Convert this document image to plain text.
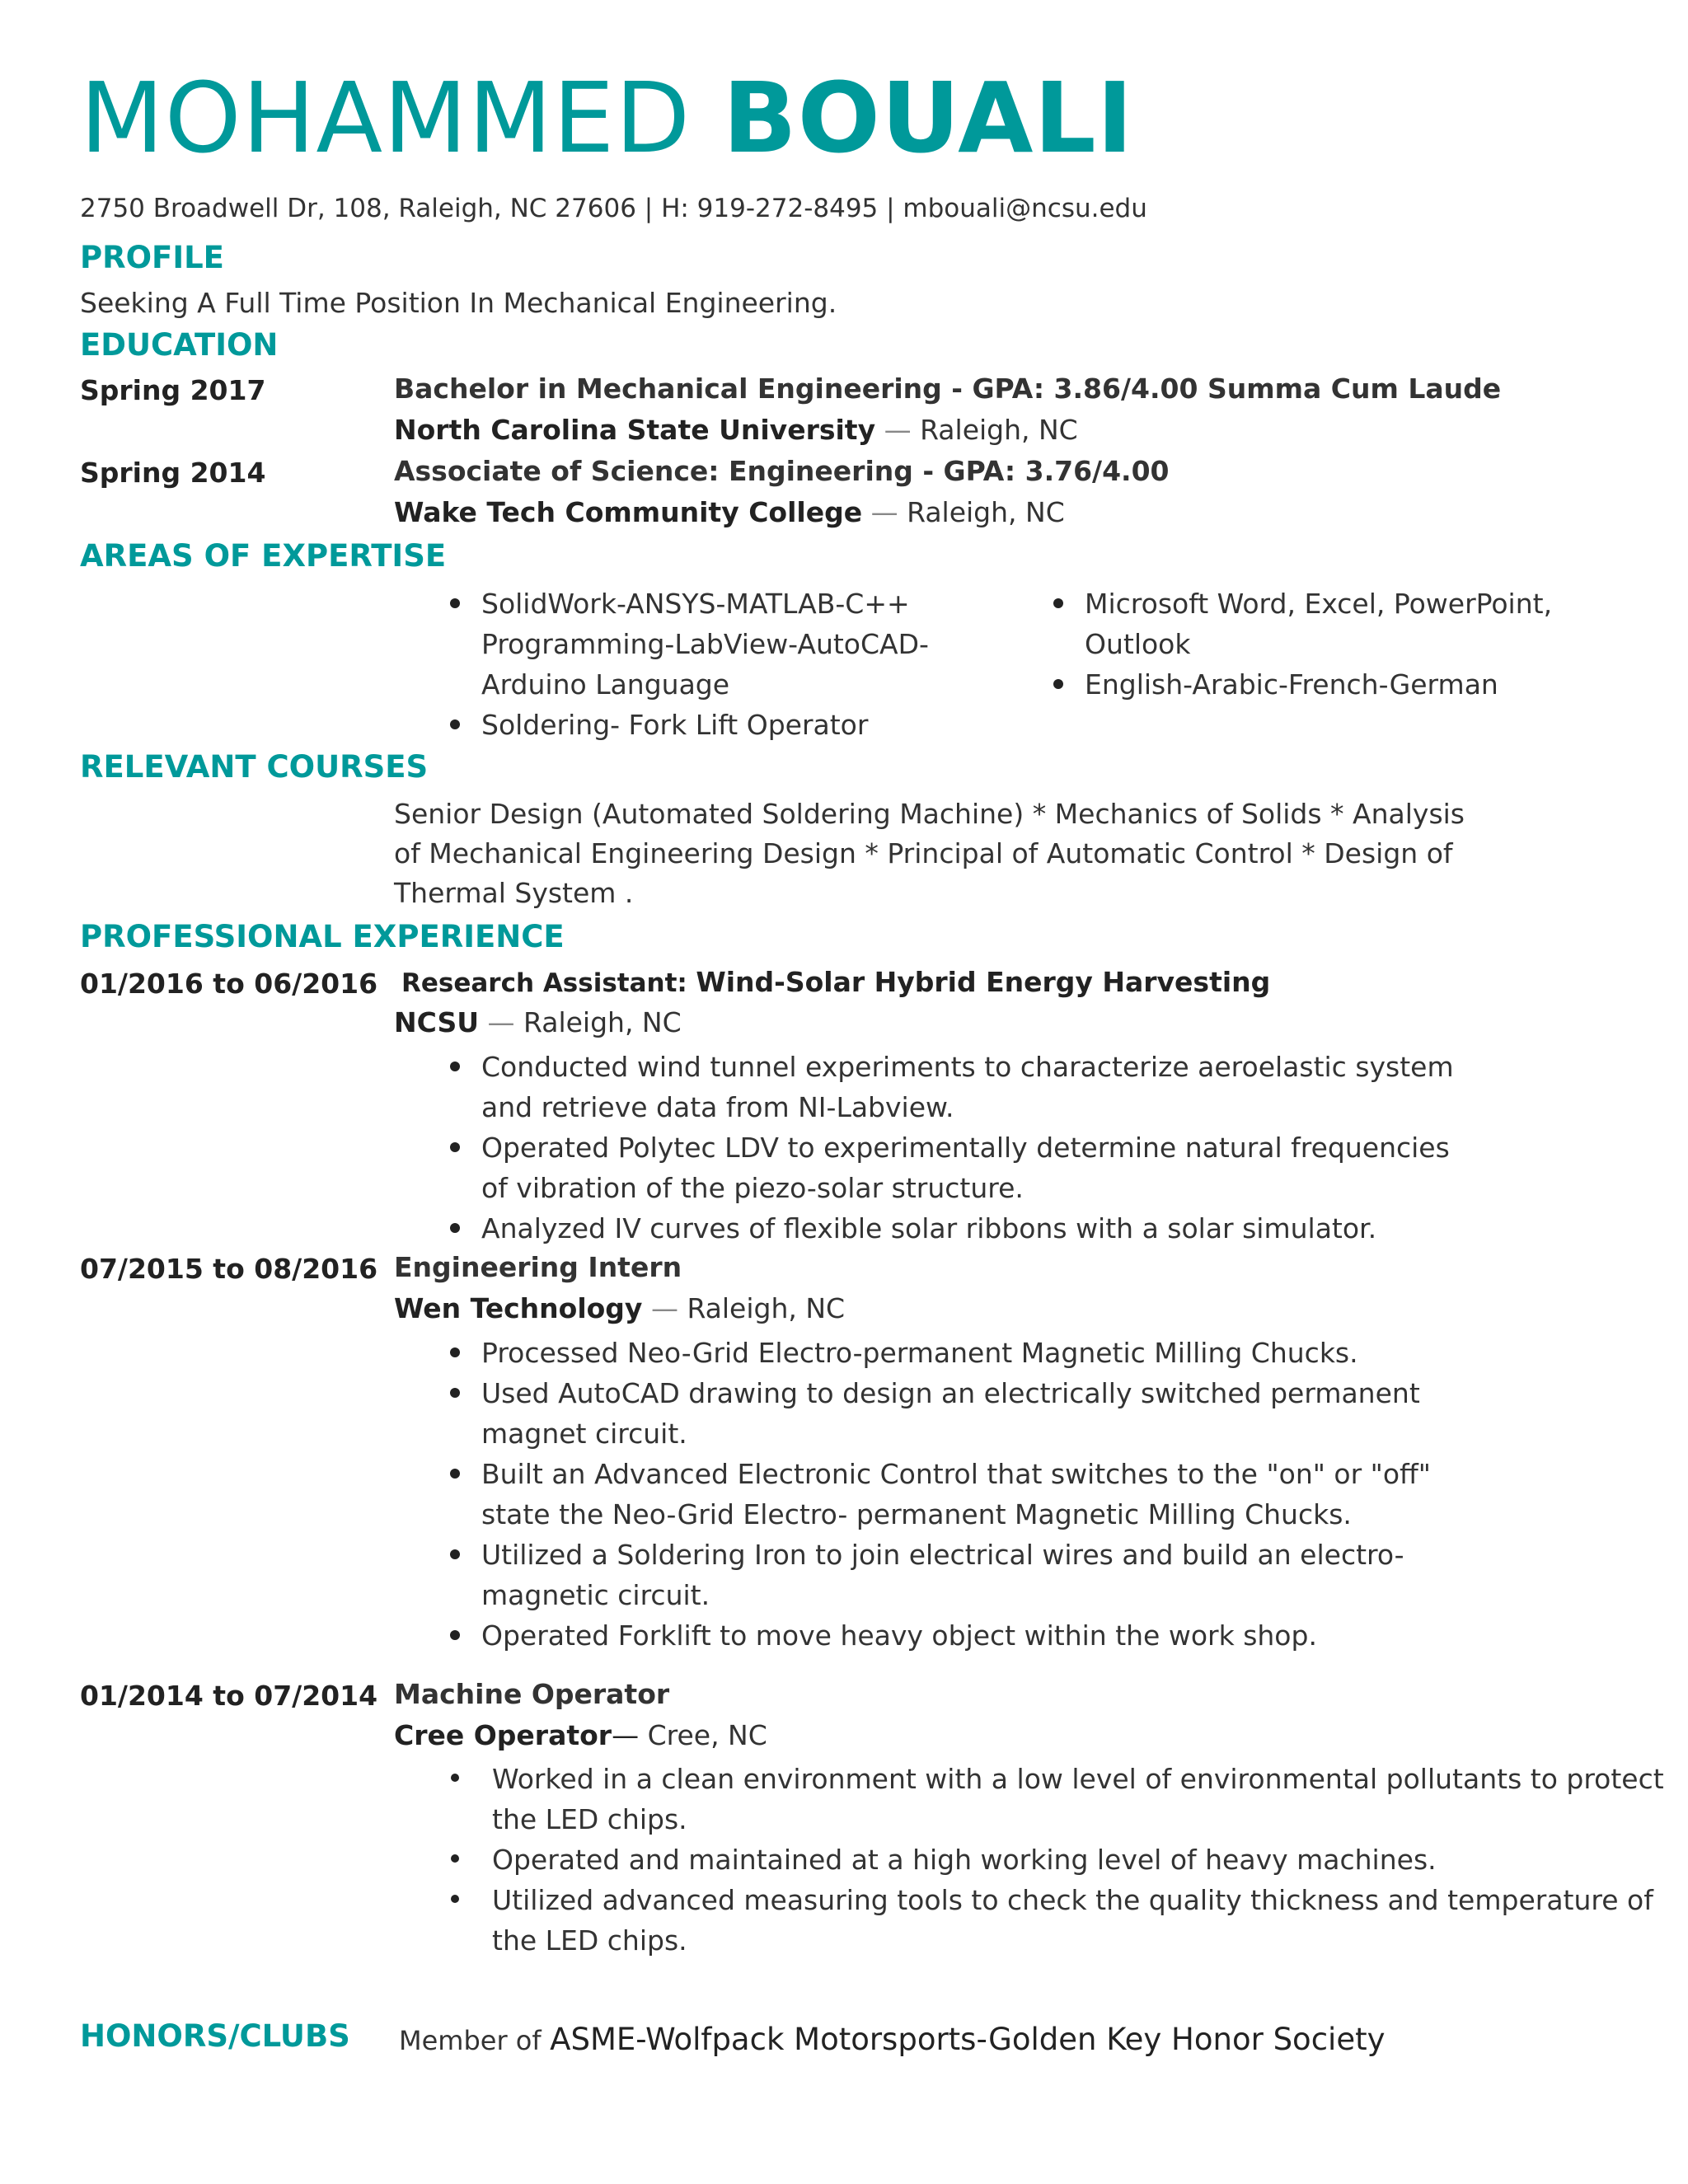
MOHAMMED BOUALI
2750 Broadwell Dr, 108, Raleigh, NC 27606 | H: 919-272-8495 | mbouali@ncsu.edu
PROFILE
Seeking A Full Time Position In Mechanical Engineering.
EDUCATION
Spring 2017	Bachelor in Mechanical Engineering - GPA: 3.86/4.00 Summa Cum Laude
North Carolina State University — Raleigh, NC
Spring 2014	Associate of Science: Engineering - GPA: 3.76/4.00
Wake Tech Community College — Raleigh, NC
AREAS OF EXPERTISE
SolidWork-ANSYS-MATLAB-C++ Programming-LabView-AutoCAD-Arduino Language
Soldering- Fork Lift Operator
Microsoft Word, Excel, PowerPoint, Outlook
English-Arabic-French-German
RELEVANT COURSES
Senior Design (Automated Soldering Machine) * Mechanics of Solids * Analysis of Mechanical Engineering Design * Principal of Automatic Control * Design of Thermal System .
PROFESSIONAL EXPERIENCE
01/2016 to 06/2016 Research Assistant: Wind-Solar Hybrid Energy Harvesting
NCSU — Raleigh, NC
Conducted wind tunnel experiments to characterize aeroelastic system and retrieve data from NI-Labview.
Operated Polytec LDV to experimentally determine natural frequencies of vibration of the piezo-solar structure.
Analyzed IV curves of flexible solar ribbons with a solar simulator.
07/2015 to 08/2016 Engineering Intern
Wen Technology — Raleigh, NC
Processed Neo-Grid Electro-permanent Magnetic Milling Chucks.
Used AutoCAD drawing to design an electrically switched permanent magnet circuit.
Built an Advanced Electronic Control that switches to the "on" or "off" state the Neo-Grid Electro- permanent Magnetic Milling Chucks.
Utilized a Soldering Iron to join electrical wires and build an electro-magnetic circuit.
Operated Forklift to move heavy object within the work shop.
01/2014 to 07/2014 Machine Operator
Cree Operator— Cree, NC
Worked in a clean environment with a low level of environmental pollutants to protect the LED chips.
Operated and maintained at a high working level of heavy machines.
Utilized advanced measuring tools to check the quality thickness and temperature of the LED chips.
HONORS/CLUBS Member of ASME-Wolfpack Motorsports-Golden Key Honor Society
